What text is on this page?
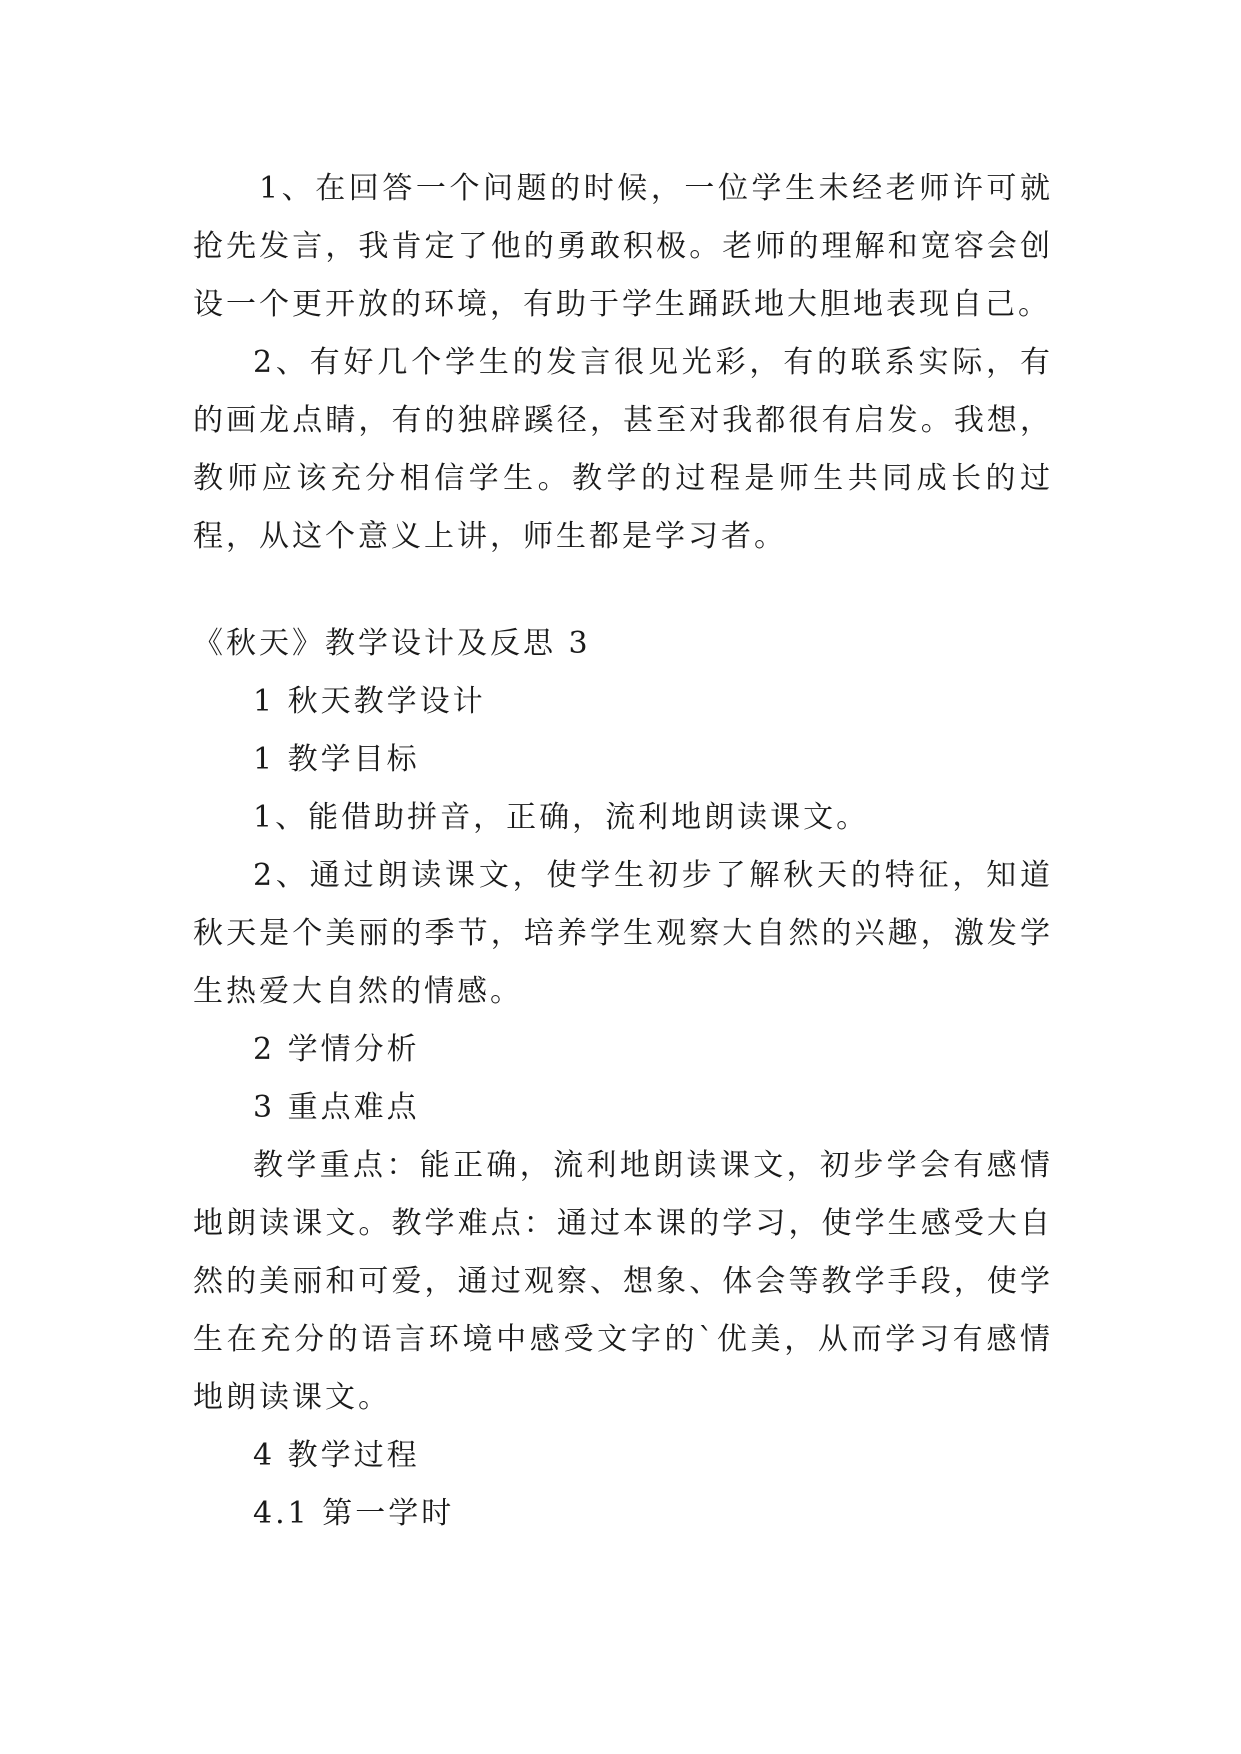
1、在回答一个问题的时候，一位学生未经老师许可就抢先发言，我肯定了他的勇敢积极。老师的理解和宽容会创设一个更开放的环境，有助于学生踊跃地大胆地表现自己。

2、有好几个学生的发言很见光彩，有的联系实际，有的画龙点睛，有的独辟蹊径，甚至对我都很有启发。我想，教师应该充分相信学生。教学的过程是师生共同成长的过程，从这个意义上讲，师生都是学习者。

《秋天》教学设计及反思 3

1 秋天教学设计

1 教学目标

1、能借助拼音，正确，流利地朗读课文。

2、通过朗读课文，使学生初步了解秋天的特征，知道秋天是个美丽的季节，培养学生观察大自然的兴趣，激发学生热爱大自然的情感。

2 学情分析

3 重点难点

教学重点：能正确，流利地朗读课文，初步学会有感情地朗读课文。教学难点：通过本课的学习，使学生感受大自然的美丽和可爱，通过观察、想象、体会等教学手段，使学生在充分的语言环境中感受文字的`优美，从而学习有感情地朗读课文。

4 教学过程

4.1 第一学时
